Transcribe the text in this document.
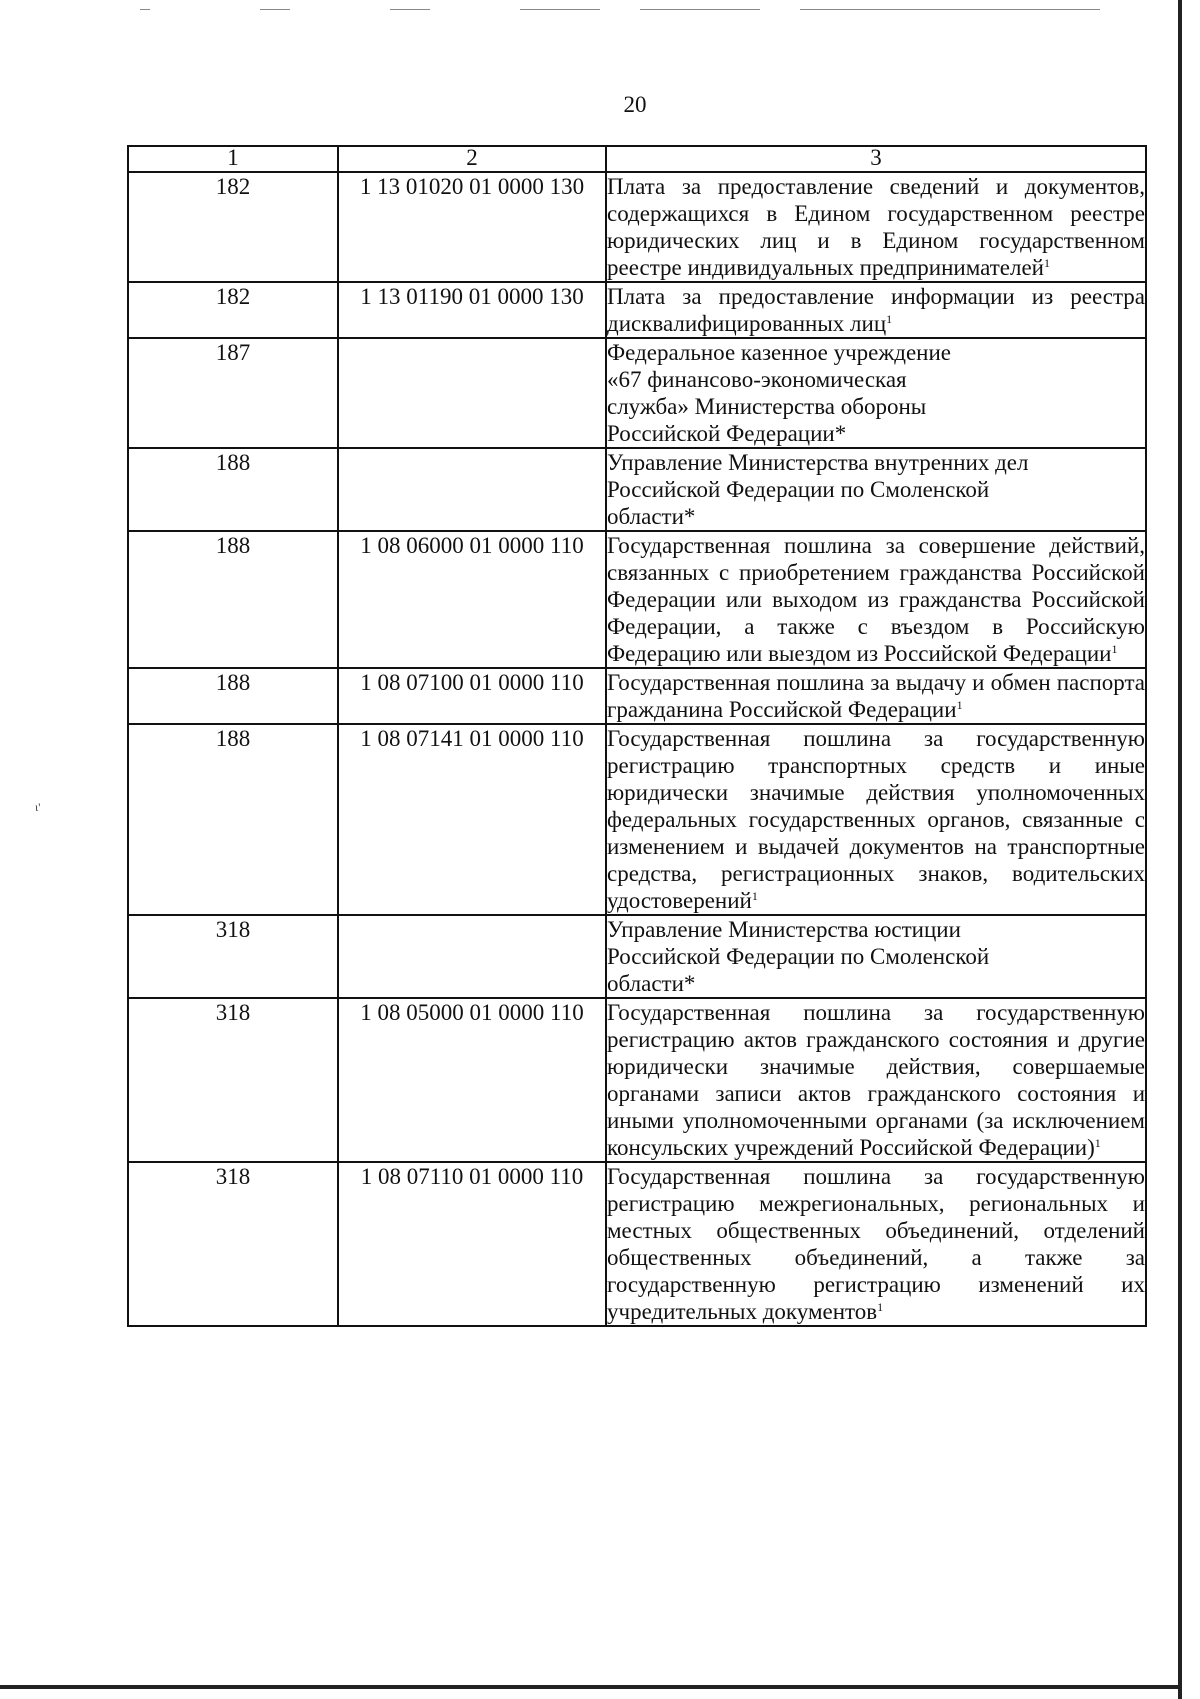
ι'
20
1	2	3
182	1 13 01020 01 0000 130	Плата за предоставление сведений и документов, содержащихся в Едином государственном реестре юридических лиц и в Едином государственном реестре индивидуальных предпринимателей$^1$
182	1 13 01190 01 0000 130	Плата за предоставление информации из реестра дисквалифицированных лиц$^1$
187		Федеральное казенное учреждение «67 финансово-экономическая служба» Министерства обороны Российской Федерации*

188		Управление Министерства внутренних дел Российской Федерации по Смоленской области*

188	1 08 06000 01 0000 110	Государственная пошлина за совершение действий, связанных с приобретением гражданства Российской Федерации или выходом из гражданства Российской Федерации, а также с въездом в Российскую Федерацию или выездом из Российской Федерации$^1$
188	1 08 07100 01 0000 110	Государственная пошлина за выдачу и обмен паспорта гражданина Российской Федерации$^1$
188	1 08 07141 01 0000 110	Государственная пошлина за государственную регистрацию транспортных средств и иные юридически значимые действия уполномоченных федеральных государственных органов, связанные с изменением и выдачей документов на транспортные средства, регистрационных знаков, водительских удостоверений$^1$
318		Управление Министерства юстиции Российской Федерации по Смоленской области*

318	1 08 05000 01 0000 110	Государственная пошлина за государственную регистрацию актов гражданского состояния и другие юридически значимые действия, совершаемые органами записи актов гражданского состояния и иными уполномоченными органами (за исключением консульских учреждений Российской Федерации)$^1$
318	1 08 07110 01 0000 110	Государственная пошлина за государственную регистрацию межрегиональных, региональных и местных общественных объединений, отделений общественных объединений, а также за государственную регистрацию изменений их учредительных документов$^1$
